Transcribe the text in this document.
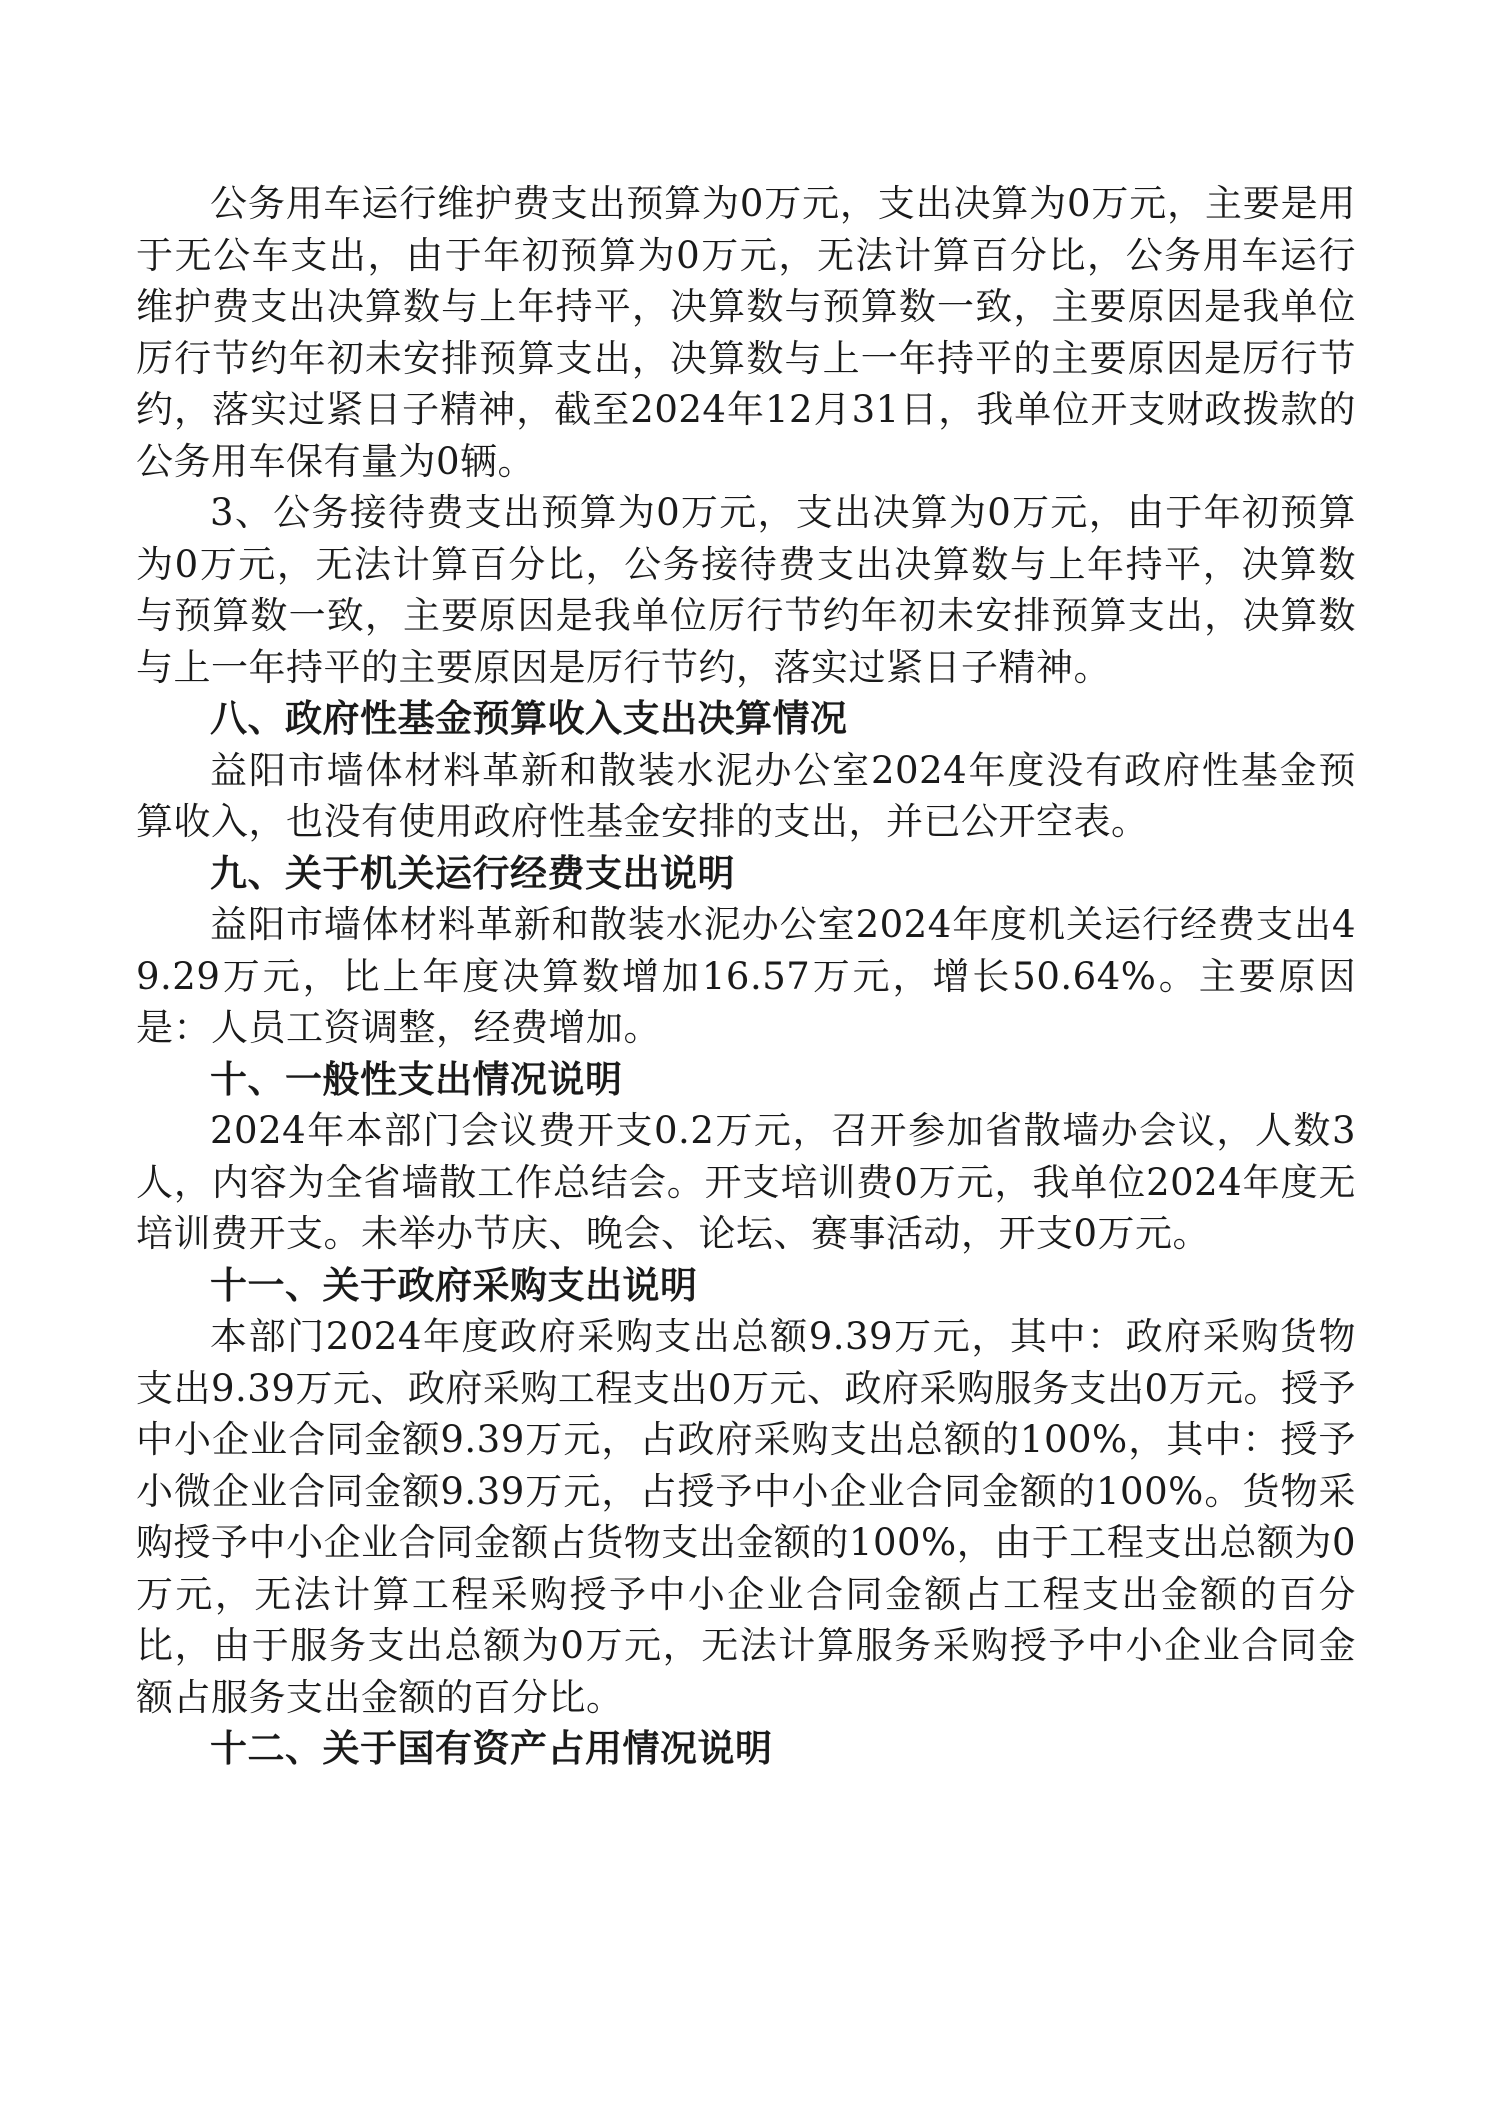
公务用车运行维护费支出预算为0万元，支出决算为0万元，主要是用于无公车支出，由于年初预算为0万元，无法计算百分比，公务用车运行维护费支出决算数与上年持平，决算数与预算数一致，主要原因是我单位厉行节约年初未安排预算支出，决算数与上一年持平的主要原因是厉行节约，落实过紧日子精神，截至2024年12月31日，我单位开支财政拨款的公务用车保有量为0辆。

3、公务接待费支出预算为0万元，支出决算为0万元，由于年初预算为0万元，无法计算百分比，公务接待费支出决算数与上年持平，决算数与预算数一致，主要原因是我单位厉行节约年初未安排预算支出，决算数与上一年持平的主要原因是厉行节约，落实过紧日子精神。

八、政府性基金预算收入支出决算情况

益阳市墙体材料革新和散装水泥办公室2024年度没有政府性基金预算收入，也没有使用政府性基金安排的支出，并已公开空表。

九、关于机关运行经费支出说明

益阳市墙体材料革新和散装水泥办公室2024年度机关运行经费支出49.29万元，比上年度决算数增加16.57万元，增长50.64%。主要原因是：人员工资调整，经费增加。

十、一般性支出情况说明

2024年本部门会议费开支0.2万元，召开参加省散墙办会议，人数3人，内容为全省墙散工作总结会。开支培训费0万元，我单位2024年度无培训费开支。未举办节庆、晚会、论坛、赛事活动，开支0万元。

十一、关于政府采购支出说明

本部门2024年度政府采购支出总额9.39万元，其中：政府采购货物支出9.39万元、政府采购工程支出0万元、政府采购服务支出0万元。授予中小企业合同金额9.39万元，占政府采购支出总额的100%，其中：授予小微企业合同金额9.39万元，占授予中小企业合同金额的100%。货物采购授予中小企业合同金额占货物支出金额的100%，由于工程支出总额为0万元，无法计算工程采购授予中小企业合同金额占工程支出金额的百分比，由于服务支出总额为0万元，无法计算服务采购授予中小企业合同金额占服务支出金额的百分比。

十二、关于国有资产占用情况说明
